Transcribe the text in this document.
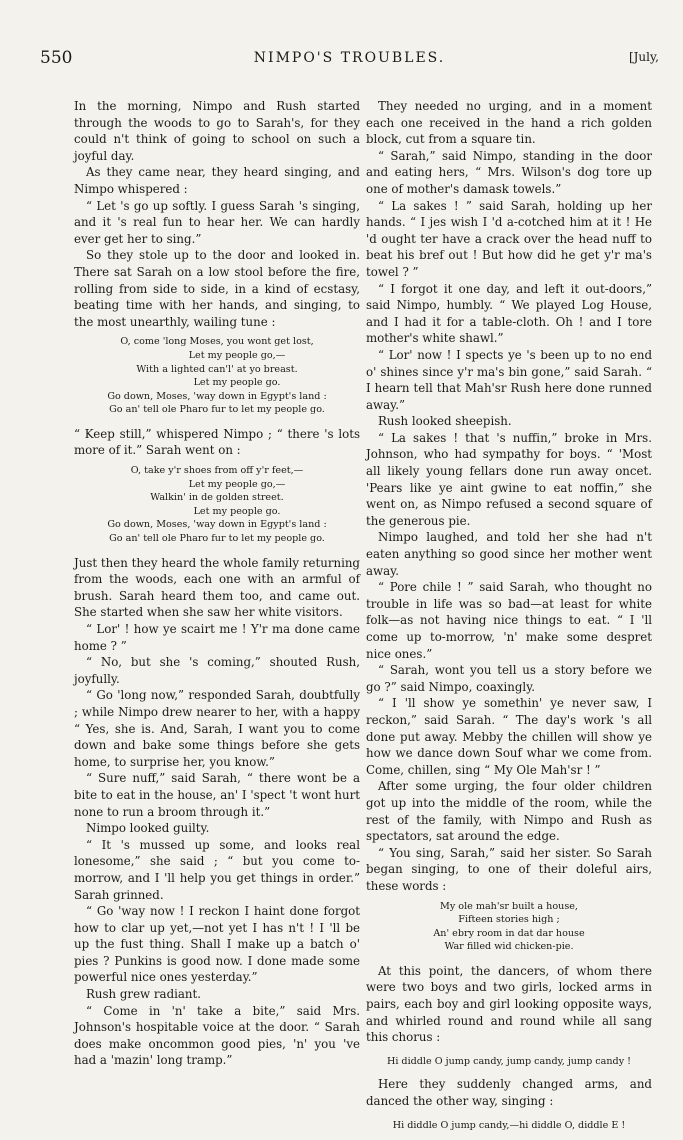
550	NIMPO'S TROUBLES.	[July,

In the morning, Nimpo and Rush started through the woods to go to Sarah's, for they could n't think of going to school on such a joyful day.

As they came near, they heard singing, and Nimpo whispered :

“ Let 's go up softly. I guess Sarah 's singing, and it 's real fun to hear her. We can hardly ever get her to sing.”

So they stole up to the door and looked in. There sat Sarah on a low stool before the fire, rolling from side to side, in a kind of ecstasy, beating time with her hands, and singing, to the most unearthly, wailing tune :

O, come 'long Moses, you wont get lost,
Let my people go,—
With a lighted can'l' at yo breast.
Let my people go.
Go down, Moses, 'way down in Egypt's land :
Go an' tell ole Pharo fur to let my people go.

“ Keep still,” whispered Nimpo ; “ there 's lots more of it.” Sarah went on :

O, take y'r shoes from off y'r feet,—
Let my people go,—
Walkin' in de golden street.
Let my people go.
Go down, Moses, 'way down in Egypt's land :
Go an' tell ole Pharo fur to let my people go.

Just then they heard the whole family returning from the woods, each one with an armful of brush. Sarah heard them too, and came out. She started when she saw her white visitors.

“ Lor' ! how ye scairt me ! Y'r ma done came home ? ”

“ No, but she 's coming,” shouted Rush, joyfully.

“ Go 'long now,” responded Sarah, doubtfully ; while Nimpo drew nearer to her, with a happy “ Yes, she is. And, Sarah, I want you to come down and bake some things before she gets home, to surprise her, you know.”

“ Sure nuff,” said Sarah, “ there wont be a bite to eat in the house, an' I 'spect 't wont hurt none to run a broom through it.”

Nimpo looked guilty.

“ It 's mussed up some, and looks real lonesome,” she said ; “ but you come to-morrow, and I 'll help you get things in order.” Sarah grinned.

“ Go 'way now ! I reckon I haint done forgot how to clar up yet,—not yet I has n't ! I 'll be up the fust thing. Shall I make up a batch o' pies ? Punkins is good now. I done made some powerful nice ones yesterday.”

Rush grew radiant.

“ Come in 'n' take a bite,” said Mrs. Johnson's hospitable voice at the door. “ Sarah does make oncommon good pies, 'n' you 've had a 'mazin' long tramp.”

They needed no urging, and in a moment each one received in the hand a rich golden block, cut from a square tin.

“ Sarah,” said Nimpo, standing in the door and eating hers, “ Mrs. Wilson's dog tore up one of mother's damask towels.”

“ La sakes ! ” said Sarah, holding up her hands. “ I jes wish I 'd a-cotched him at it ! He 'd ought ter have a crack over the head nuff to beat his bref out ! But how did he get y'r ma's towel ? ”

“ I forgot it one day, and left it out-doors,” said Nimpo, humbly. “ We played Log House, and I had it for a table-cloth. Oh ! and I tore mother's white shawl.”

“ Lor' now ! I spects ye 's been up to no end o' shines since y'r ma's bin gone,” said Sarah. “ I hearn tell that Mah'sr Rush here done runned away.”

Rush looked sheepish.

“ La sakes ! that 's nuffin,” broke in Mrs. Johnson, who had sympathy for boys. “ 'Most all likely young fellars done run away oncet. 'Pears like ye aint gwine to eat noffin,” she went on, as Nimpo refused a second square of the generous pie.

Nimpo laughed, and told her she had n't eaten anything so good since her mother went away.

“ Pore chile ! ” said Sarah, who thought no trouble in life was so bad—at least for white folk—as not having nice things to eat. “ I 'll come up to-morrow, 'n' make some despret nice ones.”

“ Sarah, wont you tell us a story before we go ?” said Nimpo, coaxingly.

“ I 'll show ye somethin' ye never saw, I reckon,” said Sarah. “ The day's work 's all done put away. Mebby the chillen will show ye how we dance down Souf whar we come from. Come, chillen, sing “ My Ole Mah'sr ! ”

After some urging, the four older children got up into the middle of the room, while the rest of the family, with Nimpo and Rush as spectators, sat around the edge.

“ You sing, Sarah,” said her sister. So Sarah began singing, to one of their doleful airs, these words :

My ole mah'sr built a house,
Fifteen stories high ;
An' ebry room in dat dar house
War filled wid chicken-pie.

At this point, the dancers, of whom there were two boys and two girls, locked arms in pairs, each boy and girl looking opposite ways, and whirled round and round while all sang this chorus :

Hi diddle O jump candy, jump candy, jump candy !

Here they suddenly changed arms, and danced the other way, singing :

Hi diddle O jump candy,—hi diddle O, diddle E !
